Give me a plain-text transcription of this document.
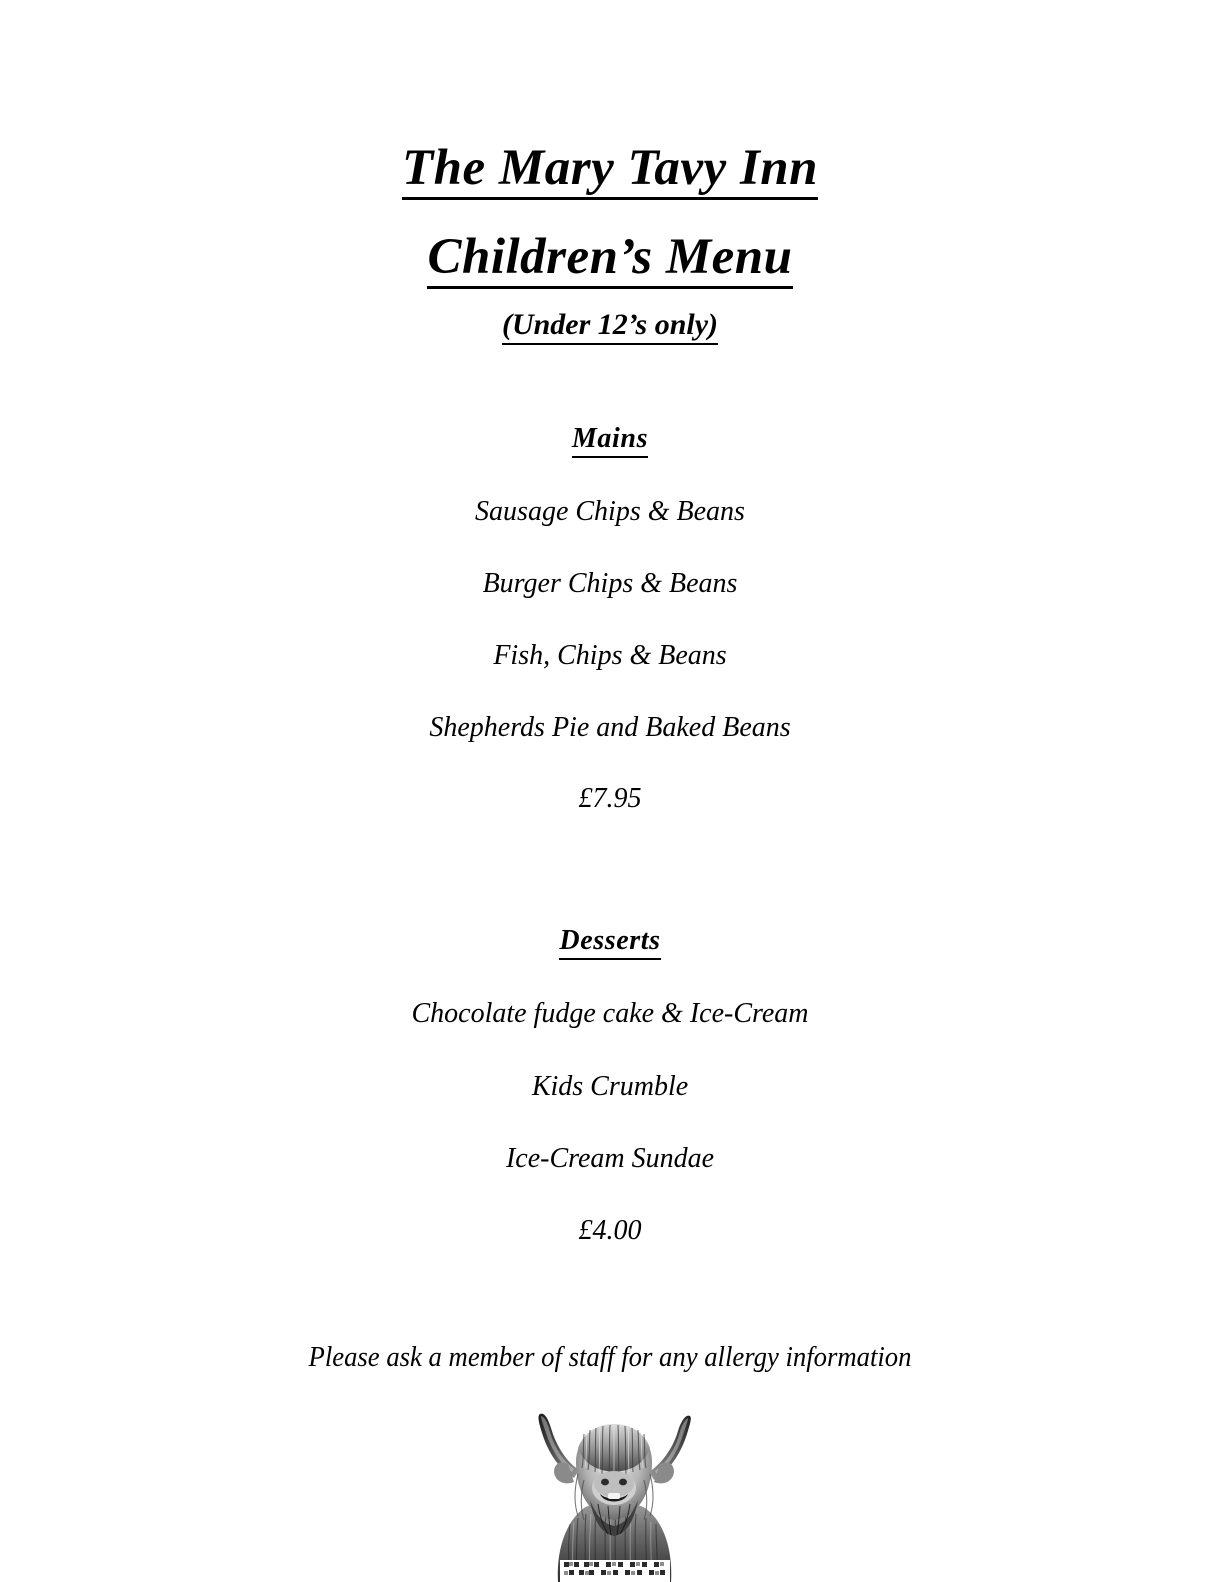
The Mary Tavy Inn
Children’s Menu
(Under 12’s only)
Mains
Sausage Chips & Beans
Burger Chips & Beans
Fish, Chips & Beans
Shepherds Pie and Baked Beans
£7.95
Desserts
Chocolate fudge cake & Ice-Cream
Kids Crumble
Ice-Cream Sundae
£4.00
Please ask a member of staff for any allergy information
